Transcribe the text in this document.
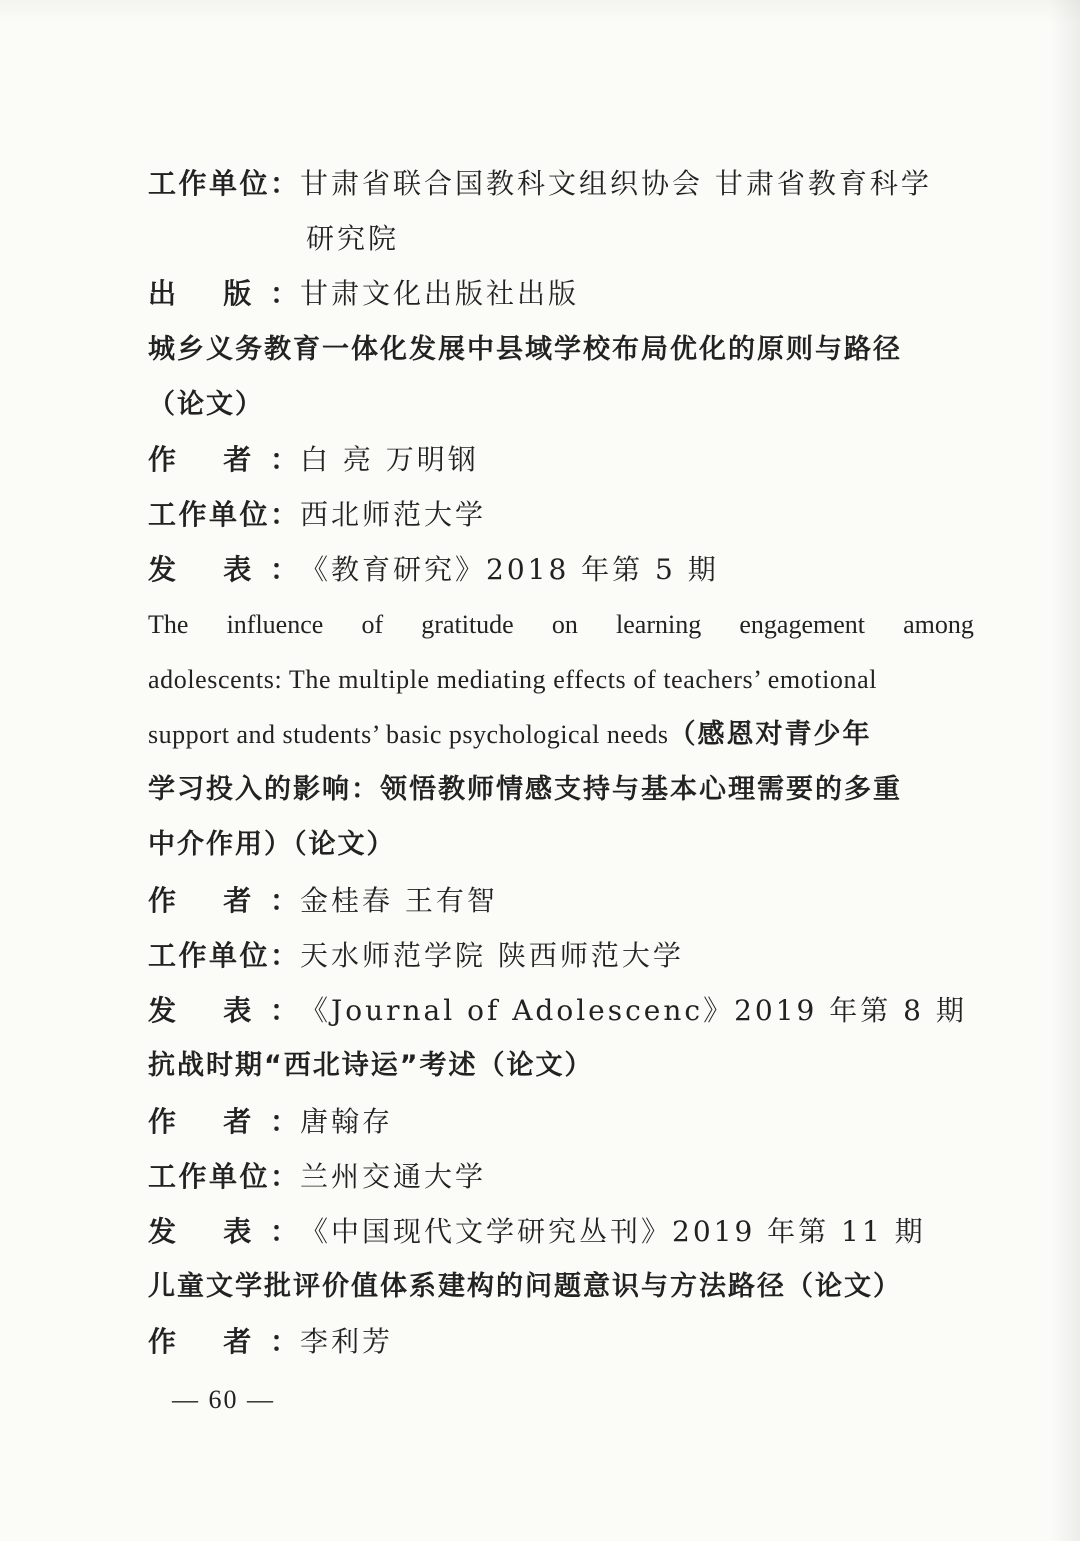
工作单位：甘肃省联合国教科文组织协会 甘肃省教育科学
研究院
出 版：甘肃文化出版社出版
城乡义务教育一体化发展中县域学校布局优化的原则与路径
（论文）
作 者：白 亮 万明钢
工作单位：西北师范大学
发 表：《教育研究》2018 年第 5 期
The influence of gratitude on learning engagement among
adolescents: The multiple mediating effects of teachers’ emotional
support and students’ basic psychological needs（感恩对青少年
学习投入的影响：领悟教师情感支持与基本心理需要的多重
中介作用）（论文）
作 者：金桂春 王有智
工作单位：天水师范学院 陕西师范大学
发 表：《Journal of Adolescenc》2019 年第 8 期
抗战时期“西北诗运”考述（论文）
作 者：唐翰存
工作单位：兰州交通大学
发 表：《中国现代文学研究丛刊》2019 年第 11 期
儿童文学批评价值体系建构的问题意识与方法路径（论文）
作 者：李利芳
— 60 —
